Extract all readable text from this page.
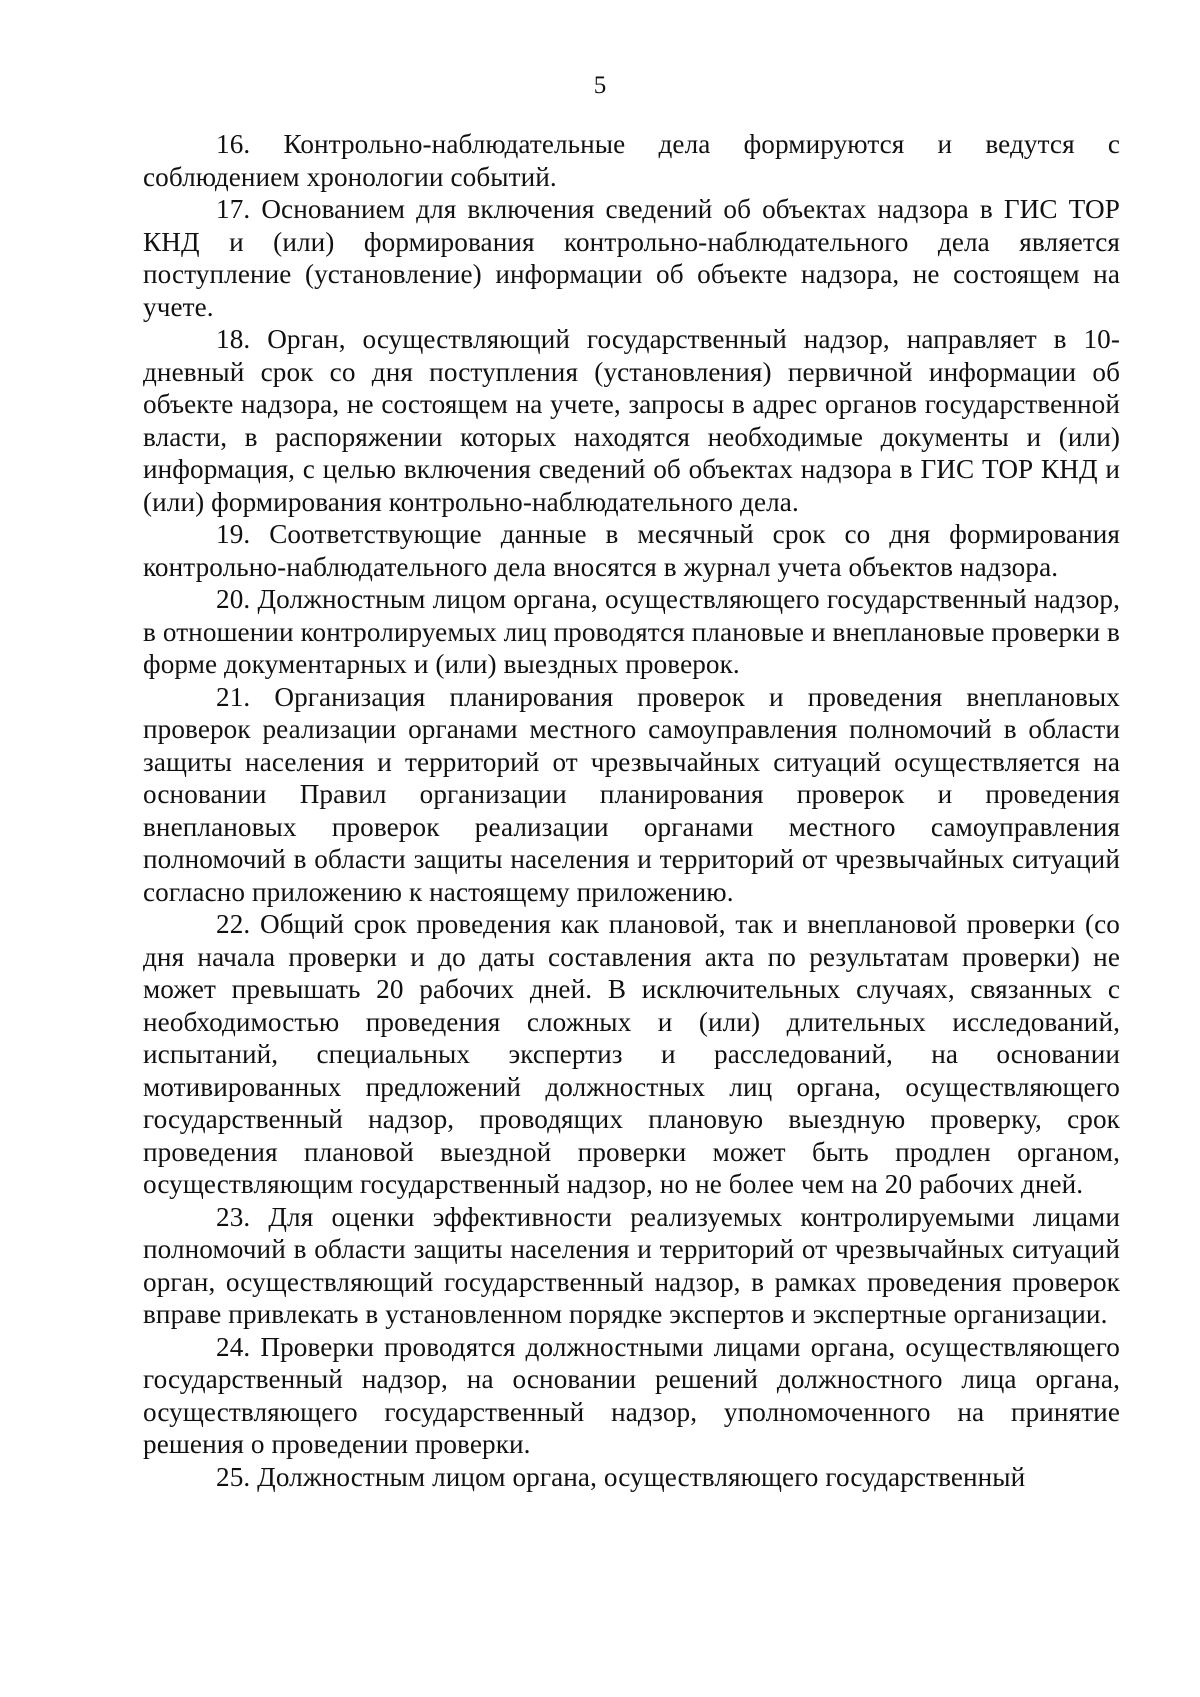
5

16. Контрольно-наблюдательные дела формируются и ведутся с соблюдением хронологии событий.

17. Основанием для включения сведений об объектах надзора в ГИС ТОР КНД и (или) формирования контрольно-наблюдательного дела является поступление (установление) информации об объекте надзора, не состоящем на учете.

18. Орган, осуществляющий государственный надзор, направляет в 10-дневный срок со дня поступления (установления) первичной информации об объекте надзора, не состоящем на учете, запросы в адрес органов государственной власти, в распоряжении которых находятся необходимые документы и (или) информация, с целью включения сведений об объектах надзора в ГИС ТОР КНД и (или) формирования контрольно-наблюдательного дела.

19. Соответствующие данные в месячный срок со дня формирования контрольно-наблюдательного дела вносятся в журнал учета объектов надзора.

20. Должностным лицом органа, осуществляющего государственный надзор, в отношении контролируемых лиц проводятся плановые и внеплановые проверки в форме документарных и (или) выездных проверок.

21. Организация планирования проверок и проведения внеплановых проверок реализации органами местного самоуправления полномочий в области защиты населения и территорий от чрезвычайных ситуаций осуществляется на основании Правил организации планирования проверок и проведения внеплановых проверок реализации органами местного самоуправления полномочий в области защиты населения и территорий от чрезвычайных ситуаций согласно приложению к настоящему приложению.

22. Общий срок проведения как плановой, так и внеплановой проверки (со дня начала проверки и до даты составления акта по результатам проверки) не может превышать 20 рабочих дней. В исключительных случаях, связанных с необходимостью проведения сложных и (или) длительных исследований, испытаний, специальных экспертиз и расследований, на основании мотивированных предложений должностных лиц органа, осуществляющего государственный надзор, проводящих плановую выездную проверку, срок проведения плановой выездной проверки может быть продлен органом, осуществляющим государственный надзор, но не более чем на 20 рабочих дней.

23. Для оценки эффективности реализуемых контролируемыми лицами полномочий в области защиты населения и территорий от чрезвычайных ситуаций орган, осуществляющий государственный надзор, в рамках проведения проверок вправе привлекать в установленном порядке экспертов и экспертные организации.

24. Проверки проводятся должностными лицами органа, осуществляющего государственный надзор, на основании решений должностного лица органа, осуществляющего государственный надзор, уполномоченного на принятие решения о проведении проверки.

25. Должностным лицом органа, осуществляющего государственный
